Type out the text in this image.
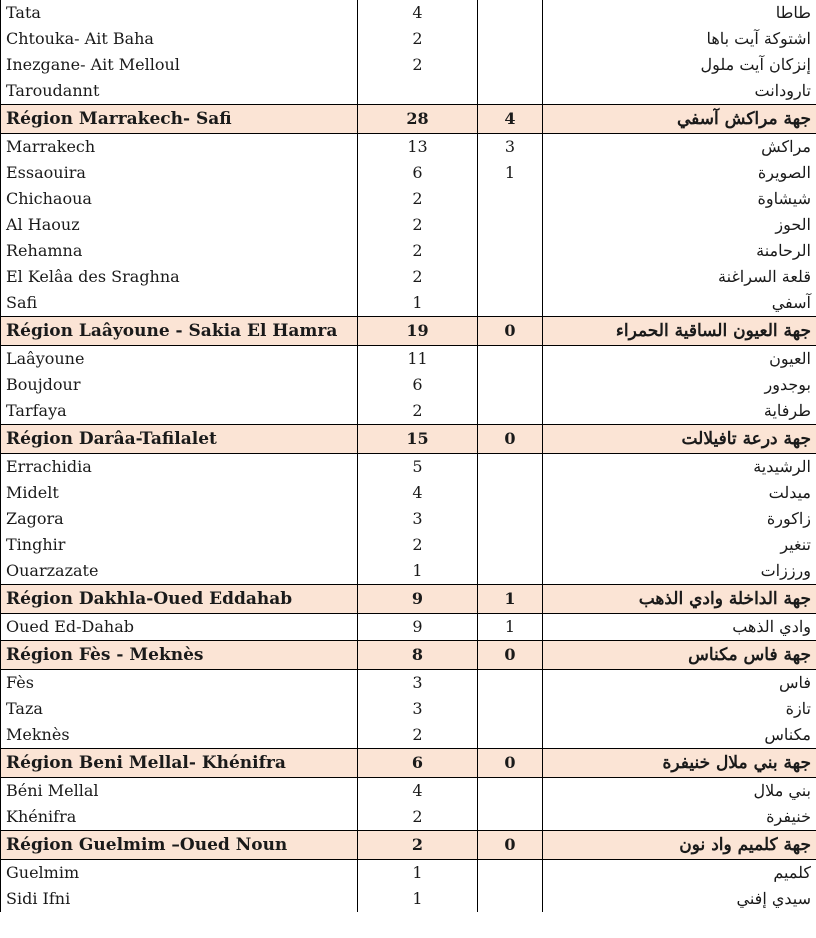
Tata	4		طاطا
Chtouka- Ait Baha	2		اشتوكة آيت باها
Inezgane- Ait Melloul	2		إنزكان آيت ملول
Taroudannt			تارودانت
Région Marrakech- Safi	28	4	جهة مراكش آسفي
Marrakech	13	3	مراكش
Essaouira	6	1	الصويرة
Chichaoua	2		شيشاوة
Al Haouz	2		الحوز
Rehamna	2		الرحامنة
El Kelâa des Sraghna	2		قلعة السراغنة
Safi	1		آسفي
Région Laâyoune - Sakia El Hamra	19	0	جهة العيون الساقية الحمراء
Laâyoune	11		العيون
Boujdour	6		بوجدور
Tarfaya	2		طرفاية
Région Darâa-Tafilalet	15	0	جهة درعة تافيلالت
Errachidia	5		الرشيدية
Midelt	4		ميدلت
Zagora	3		زاكورة
Tinghir	2		تنغير
Ouarzazate	1		ورززات
Région Dakhla-Oued Eddahab	9	1	جهة الداخلة وادي الذهب
Oued Ed-Dahab	9	1	وادي الذهب
Région Fès - Meknès	8	0	جهة فاس مكناس
Fès	3		فاس
Taza	3		تازة
Meknès	2		مكناس
Région Beni Mellal- Khénifra	6	0	جهة بني ملال خنيفرة
Béni Mellal	4		بني ملال
Khénifra	2		خنيفرة
Région Guelmim –Oued Noun	2	0	جهة كلميم واد نون
Guelmim	1		كلميم
Sidi Ifni	1		سيدي إفني
